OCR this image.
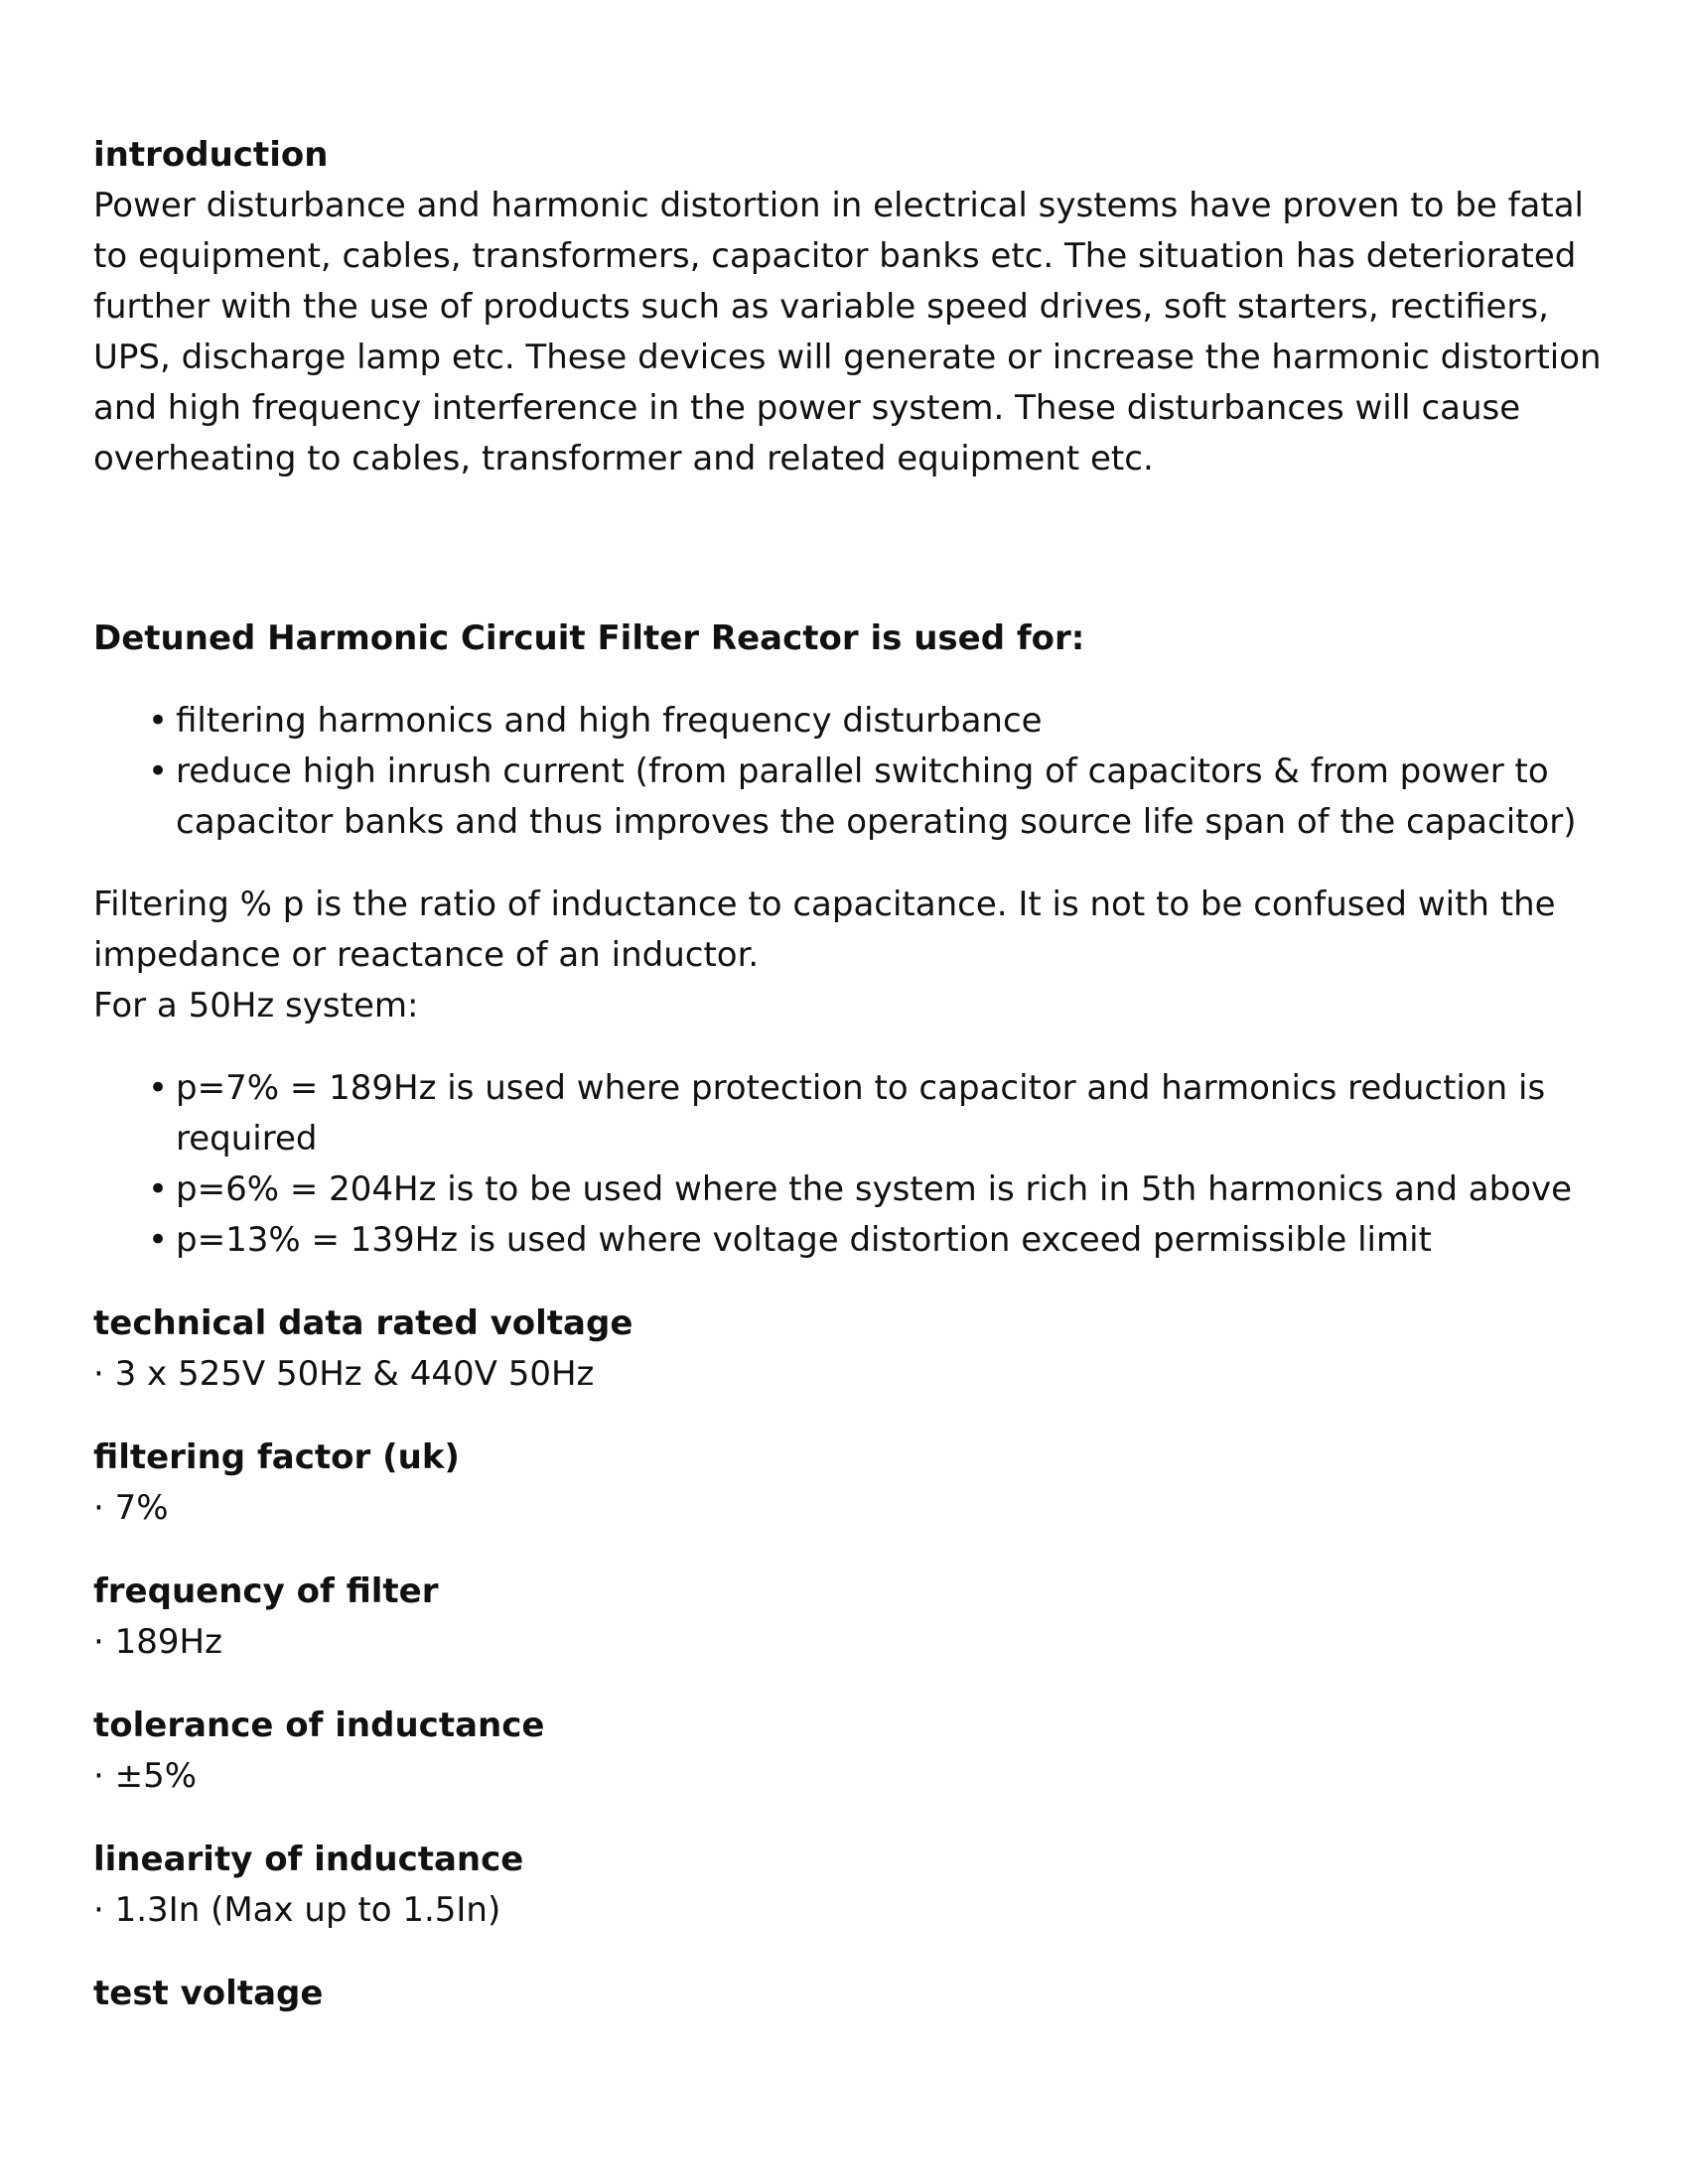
introduction

Power disturbance and harmonic distortion in electrical systems have proven to be fatal to equipment, cables, transformers, capacitor banks etc. The situation has deteriorated further with the use of products such as variable speed drives, soft starters, rectifiers, UPS, discharge lamp etc. These devices will generate or increase the harmonic distortion and high frequency interference in the power system. These disturbances will cause overheating to cables, transformer and related equipment etc.

Detuned Harmonic Circuit Filter Reactor is used for:

• filtering harmonics and high frequency disturbance
• reduce high inrush current (from parallel switching of capacitors & from power to capacitor banks and thus improves the operating source life span of the capacitor)

Filtering % p is the ratio of inductance to capacitance. It is not to be confused with the impedance or reactance of an inductor.

For a 50Hz system:

• p=7% = 189Hz is used where protection to capacitor and harmonics reduction is required
• p=6% = 204Hz is to be used where the system is rich in 5th harmonics and above
• p=13% = 139Hz is used where voltage distortion exceed permissible limit

technical data rated voltage

· 3 x 525V 50Hz & 440V 50Hz

filtering factor (uk)

· 7%

frequency of filter

· 189Hz

tolerance of inductance

· ±5%

linearity of inductance

· 1.3In (Max up to 1.5In)

test voltage
